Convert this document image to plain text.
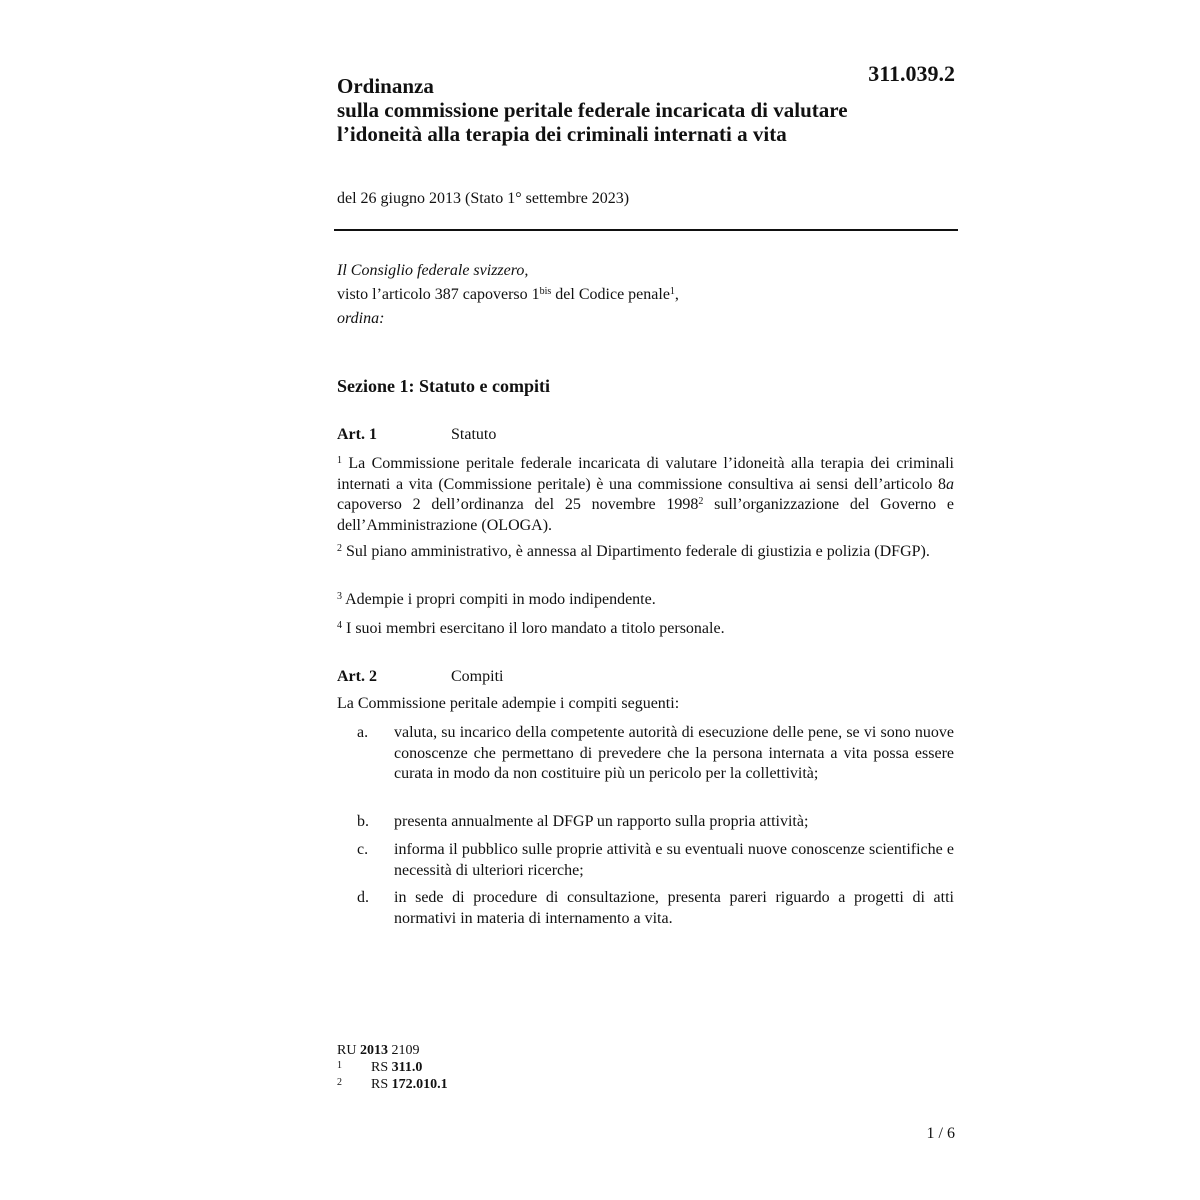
311.039.2
Ordinanza
sulla commissione peritale federale incaricata di valutare
l’idoneità alla terapia dei criminali internati a vita
del 26 giugno 2013 (Stato 1° settembre 2023)
Il Consiglio federale svizzero,
visto l’articolo 387 capoverso $1^{bis}$ del Codice penale$^1$,
ordina:
Sezione 1: Statuto e compiti
Art. 1	Statuto
$^1$ La Commissione peritale federale incaricata di valutare l’idoneità alla terapia dei criminali internati a vita (Commissione peritale) è una commissione consultiva ai sensi dell’articolo 8a capoverso 2 dell’ordinanza del 25 novembre 1998$^2$ sull’organizzazione del Governo e dell’Amministrazione (OLOGA).
$^2$ Sul piano amministrativo, è annessa al Dipartimento federale di giustizia e polizia (DFGP).
$^3$ Adempie i propri compiti in modo indipendente.
$^4$ I suoi membri esercitano il loro mandato a titolo personale.
Art. 2	Compiti
La Commissione peritale adempie i compiti seguenti:
a. valuta, su incarico della competente autorità di esecuzione delle pene, se vi sono nuove conoscenze che permettano di prevedere che la persona internata a vita possa essere curata in modo da non costituire più un pericolo per la collettività;
b. presenta annualmente al DFGP un rapporto sulla propria attività;
c. informa il pubblico sulle proprie attività e su eventuali nuove conoscenze scientifiche e necessità di ulteriori ricerche;
d. in sede di procedure di consultazione, presenta pareri riguardo a progetti di atti normativi in materia di internamento a vita.
RU 2013 2109
1 RS 311.0
2 RS 172.010.1
1 / 6
